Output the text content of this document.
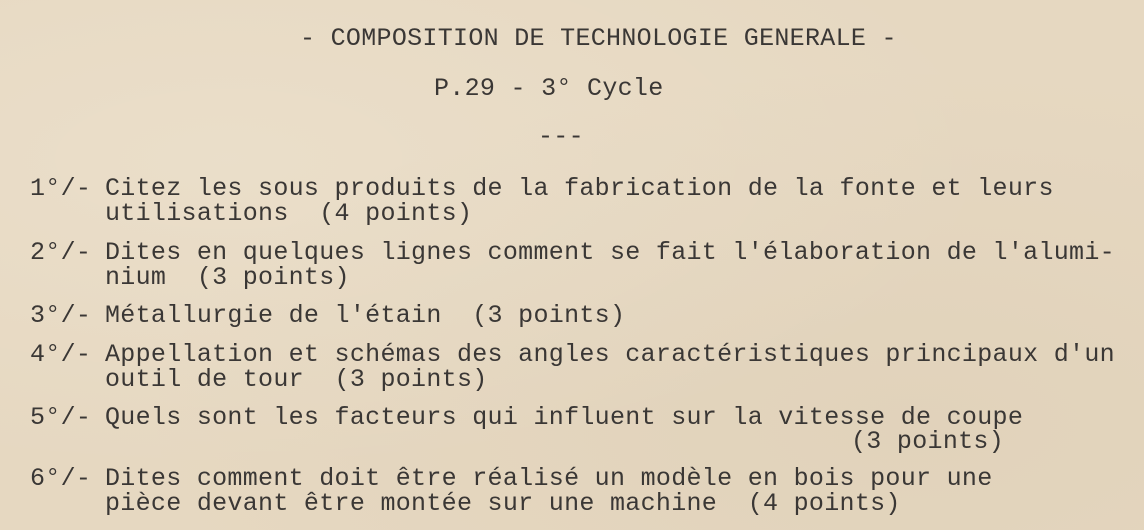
- COMPOSITION DE TECHNOLOGIE GENERALE -
P.29 - 3° Cycle
---
1°/- Citez les sous produits de la fabrication de la fonte et leurs
utilisations  (4 points)
2°/- Dites en quelques lignes comment se fait l'élaboration de l'alumi-
nium  (3 points)
3°/- Métallurgie de l'étain  (3 points)
4°/- Appellation et schémas des angles caractéristiques principaux d'un
outil de tour  (3 points)
5°/- Quels sont les facteurs qui influent sur la vitesse de coupe
(3 points)
6°/- Dites comment doit être réalisé un modèle en bois pour une
pièce devant être montée sur une machine  (4 points)
